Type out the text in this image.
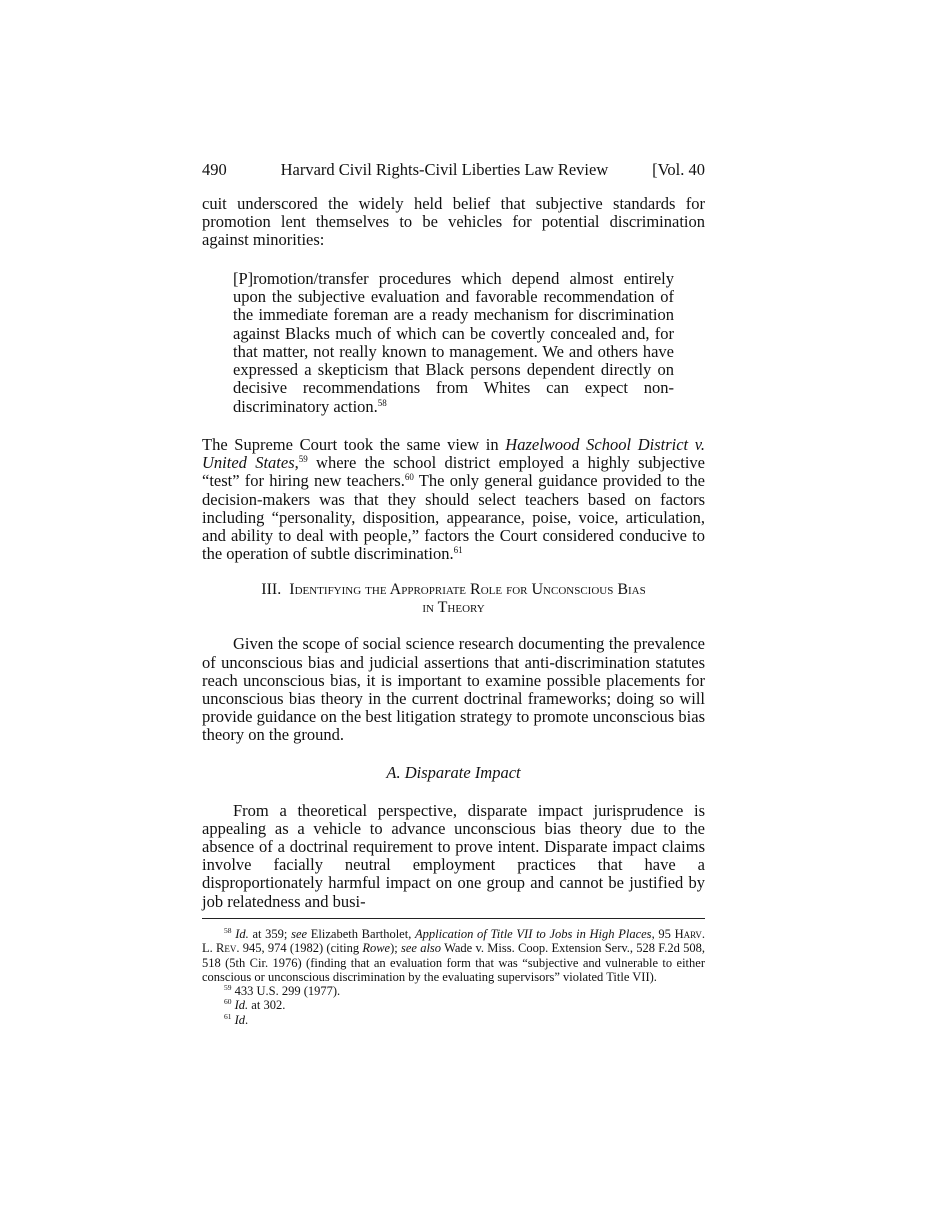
490	Harvard Civil Rights-Civil Liberties Law Review	[Vol. 40

cuit underscored the widely held belief that subjective standards for promotion lent themselves to be vehicles for potential discrimination against minorities:

[P]romotion/transfer procedures which depend almost entirely upon the subjective evaluation and favorable recommendation of the immediate foreman are a ready mechanism for discrimination against Blacks much of which can be covertly concealed and, for that matter, not really known to management. We and others have expressed a skepticism that Black persons dependent directly on decisive recommendations from Whites can expect non-discriminatory action.$^{58}$

The Supreme Court took the same view in Hazelwood School District v. United States,$^{59}$ where the school district employed a highly subjective “test” for hiring new teachers.$^{60}$ The only general guidance provided to the decision-makers was that they should select teachers based on factors including “personality, disposition, appearance, poise, voice, articulation, and ability to deal with people,” factors the Court considered conducive to the operation of subtle discrimination.$^{61}$

III. Identifying the Appropriate Role for Unconscious Bias
in Theory

Given the scope of social science research documenting the prevalence of unconscious bias and judicial assertions that anti-discrimination statutes reach unconscious bias, it is important to examine possible placements for unconscious bias theory in the current doctrinal frameworks; doing so will provide guidance on the best litigation strategy to promote unconscious bias theory on the ground.

A. Disparate Impact

From a theoretical perspective, disparate impact jurisprudence is appealing as a vehicle to advance unconscious bias theory due to the absence of a doctrinal requirement to prove intent. Disparate impact claims involve facially neutral employment practices that have a disproportionately harmful impact on one group and cannot be justified by job relatedness and busi-

$^{58}$ Id. at 359; see Elizabeth Bartholet, Application of Title VII to Jobs in High Places, 95 Harv. L. Rev. 945, 974 (1982) (citing Rowe); see also Wade v. Miss. Coop. Extension Serv., 528 F.2d 508, 518 (5th Cir. 1976) (finding that an evaluation form that was “subjective and vulnerable to either conscious or unconscious discrimination by the evaluating supervisors” violated Title VII).
$^{59}$ 433 U.S. 299 (1977).
$^{60}$ Id. at 302.
$^{61}$ Id.
